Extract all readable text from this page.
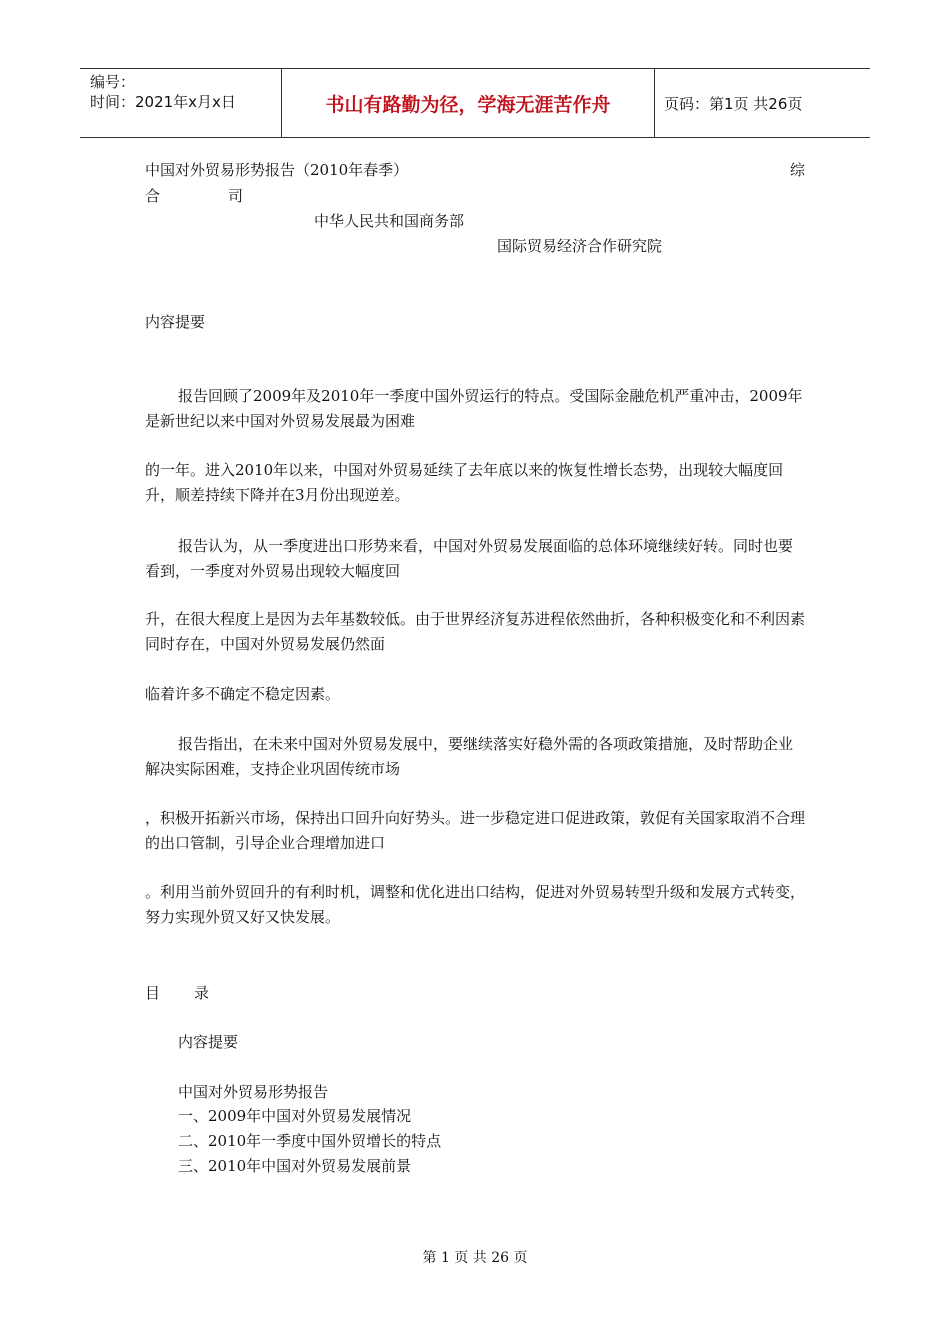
编号：
时间：2021年x月x日	书山有路勤为径，学海无涯苦作舟	页码：第1页 共26页
中国对外贸易形势报告（2010年春季）	综
合	司
中华人民共和国商务部
国际贸易经济合作研究院
内容提要
报告回顾了2009年及2010年一季度中国外贸运行的特点。受国际金融危机严重冲击，2009年是新世纪以来中国对外贸易发展最为困难
的一年。进入2010年以来，中国对外贸易延续了去年底以来的恢复性增长态势，出现较大幅度回升，顺差持续下降并在3月份出现逆差。
报告认为，从一季度进出口形势来看，中国对外贸易发展面临的总体环境继续好转。同时也要看到，一季度对外贸易出现较大幅度回
升，在很大程度上是因为去年基数较低。由于世界经济复苏进程依然曲折，各种积极变化和不利因素同时存在，中国对外贸易发展仍然面
临着许多不确定不稳定因素。
报告指出，在未来中国对外贸易发展中，要继续落实好稳外需的各项政策措施，及时帮助企业解决实际困难，支持企业巩固传统市场
，积极开拓新兴市场，保持出口回升向好势头。进一步稳定进口促进政策，敦促有关国家取消不合理的出口管制，引导企业合理增加进口
。利用当前外贸回升的有利时机，调整和优化进出口结构，促进对外贸易转型升级和发展方式转变，努力实现外贸又好又快发展。
目 录
内容提要
中国对外贸易形势报告
一、2009年中国对外贸易发展情况
二、2010年一季度中国外贸增长的特点
三、2010年中国对外贸易发展前景
第 1 页 共 26 页
